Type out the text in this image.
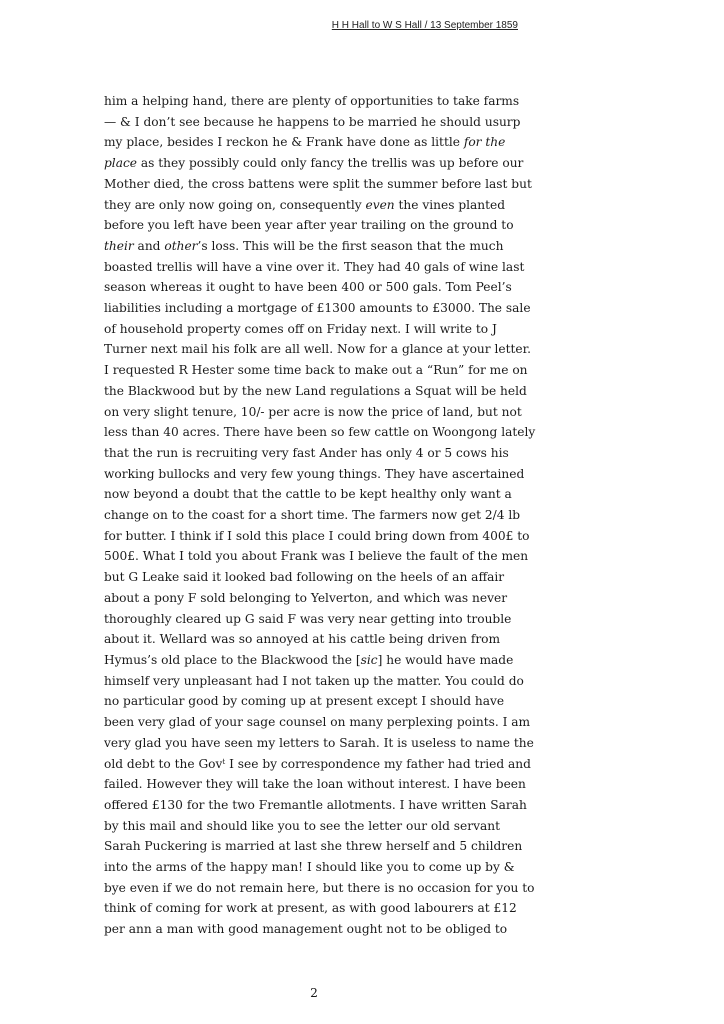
H H Hall to W S Hall / 13 September 1859
him a helping hand, there are plenty of opportunities to take farms
— & I don’t see because he happens to be married he should usurp
my place, besides I reckon he & Frank have done as little for the
place as they possibly could only fancy the trellis was up before our
Mother died, the cross battens were split the summer before last but
they are only now going on, consequently even the vines planted
before you left have been year after year trailing on the ground to
their and other’s loss. This will be the first season that the much
boasted trellis will have a vine over it. They had 40 gals of wine last
season whereas it ought to have been 400 or 500 gals. Tom Peel’s
liabilities including a mortgage of £1300 amounts to £3000. The sale
of household property comes off on Friday next. I will write to J
Turner next mail his folk are all well. Now for a glance at your letter.
I requested R Hester some time back to make out a “Run” for me on
the Blackwood but by the new Land regulations a Squat will be held
on very slight tenure, 10/- per acre is now the price of land, but not
less than 40 acres. There have been so few cattle on Woongong lately
that the run is recruiting very fast Ander has only 4 or 5 cows his
working bullocks and very few young things. They have ascertained
now beyond a doubt that the cattle to be kept healthy only want a
change on to the coast for a short time. The farmers now get 2/4 lb
for butter. I think if I sold this place I could bring down from 400£ to
500£. What I told you about Frank was I believe the fault of the men
but G Leake said it looked bad following on the heels of an affair
about a pony F sold belonging to Yelverton, and which was never
thoroughly cleared up G said F was very near getting into trouble
about it. Wellard was so annoyed at his cattle being driven from
Hymus’s old place to the Blackwood the [sic] he would have made
himself very unpleasant had I not taken up the matter. You could do
no particular good by coming up at present except I should have
been very glad of your sage counsel on many perplexing points. I am
very glad you have seen my letters to Sarah. It is useless to name the
old debt to the Gov$^t$ I see by correspondence my father had tried and
failed. However they will take the loan without interest. I have been
offered £130 for the two Fremantle allotments. I have written Sarah
by this mail and should like you to see the letter our old servant
Sarah Puckering is married at last she threw herself and 5 children
into the arms of the happy man! I should like you to come up by &
bye even if we do not remain here, but there is no occasion for you to
think of coming for work at present, as with good labourers at £12
per ann a man with good management ought not to be obliged to
2
